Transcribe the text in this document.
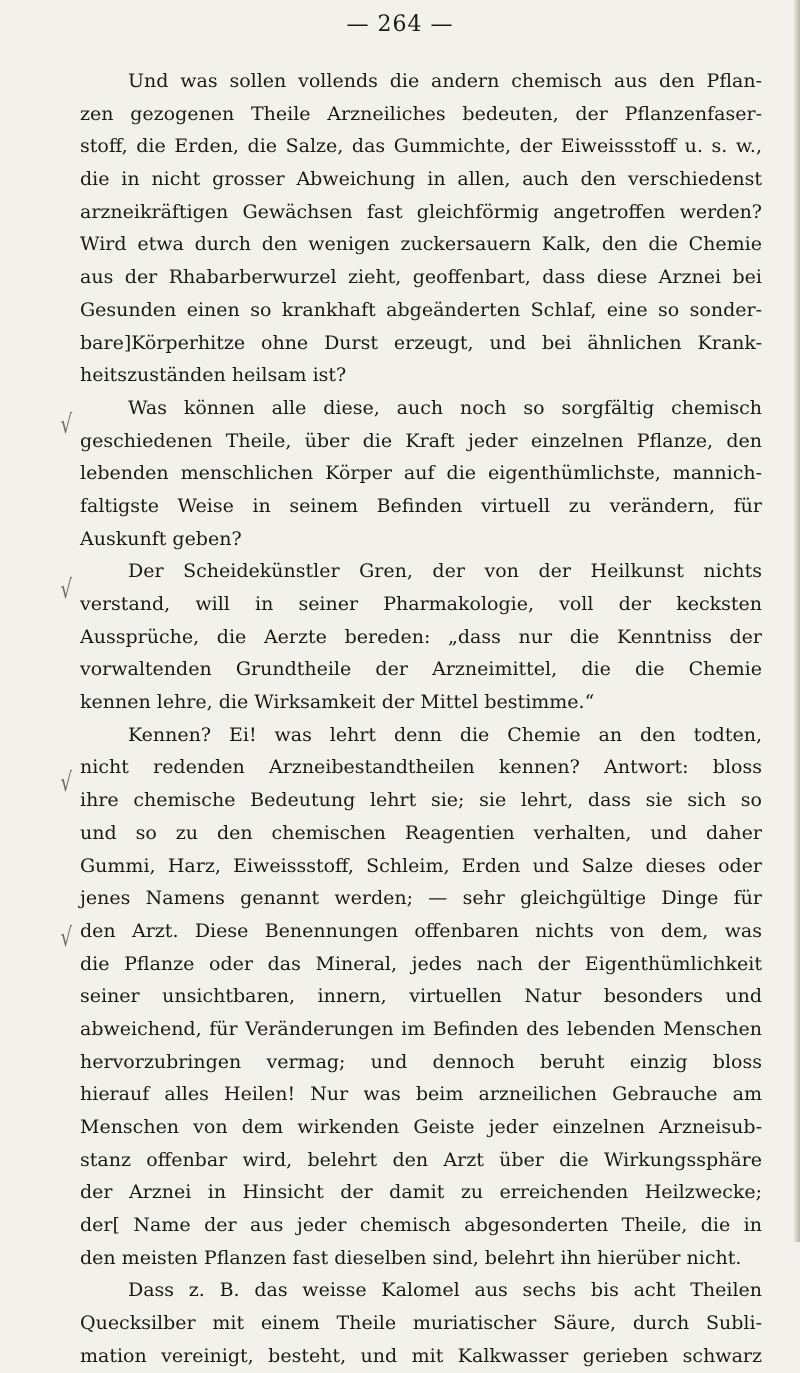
— 264 —
√
√
√
√
Und was sollen vollends die andern chemisch aus den Pflan-
zen gezogenen Theile Arzneiliches bedeuten, der Pflanzenfaser-
stoff, die Erden, die Salze, das Gummichte, der Eiweissstoff u. s. w.,
die in nicht grosser Abweichung in allen, auch den verschiedenst
arzneikräftigen Gewächsen fast gleichförmig angetroffen werden?
Wird etwa durch den wenigen zuckersauern Kalk, den die Chemie
aus der Rhabarberwurzel zieht, geoffenbart, dass diese Arznei bei
Gesunden einen so krankhaft abgeänderten Schlaf, eine so sonder-
bare]Körperhitze ohne Durst erzeugt, und bei ähnlichen Krank-
heitszuständen heilsam ist?
Was können alle diese, auch noch so sorgfältig chemisch
geschiedenen Theile, über die Kraft jeder einzelnen Pflanze, den
lebenden menschlichen Körper auf die eigenthümlichste, mannich-
faltigste Weise in seinem Befinden virtuell zu verändern, für
Auskunft geben?
Der Scheidekünstler Gren, der von der Heilkunst nichts
verstand, will in seiner Pharmakologie, voll der kecksten
Aussprüche, die Aerzte bereden: „dass nur die Kenntniss der
vorwaltenden Grundtheile der Arzneimittel, die die Chemie
kennen lehre, die Wirksamkeit der Mittel bestimme.“
Kennen? Ei! was lehrt denn die Chemie an den todten,
nicht redenden Arzneibestandtheilen kennen? Antwort: bloss
ihre chemische Bedeutung lehrt sie; sie lehrt, dass sie sich so
und so zu den chemischen Reagentien verhalten, und daher
Gummi, Harz, Eiweissstoff, Schleim, Erden und Salze dieses oder
jenes Namens genannt werden; — sehr gleichgültige Dinge für
den Arzt. Diese Benennungen offenbaren nichts von dem, was
die Pflanze oder das Mineral, jedes nach der Eigenthümlichkeit
seiner unsichtbaren, innern, virtuellen Natur besonders und
abweichend, für Veränderungen im Befinden des lebenden Menschen
hervorzubringen vermag; und dennoch beruht einzig bloss
hierauf alles Heilen! Nur was beim arzneilichen Gebrauche am
Menschen von dem wirkenden Geiste jeder einzelnen Arzneisub-
stanz offenbar wird, belehrt den Arzt über die Wirkungssphäre
der Arznei in Hinsicht der damit zu erreichenden Heilzwecke;
der[ Name der aus jeder chemisch abgesonderten Theile, die in
den meisten Pflanzen fast dieselben sind, belehrt ihn hierüber nicht.
Dass z. B. das weisse Kalomel aus sechs bis acht Theilen
Quecksilber mit einem Theile muriatischer Säure, durch Subli-
mation vereinigt, besteht, und mit Kalkwasser gerieben schwarz
